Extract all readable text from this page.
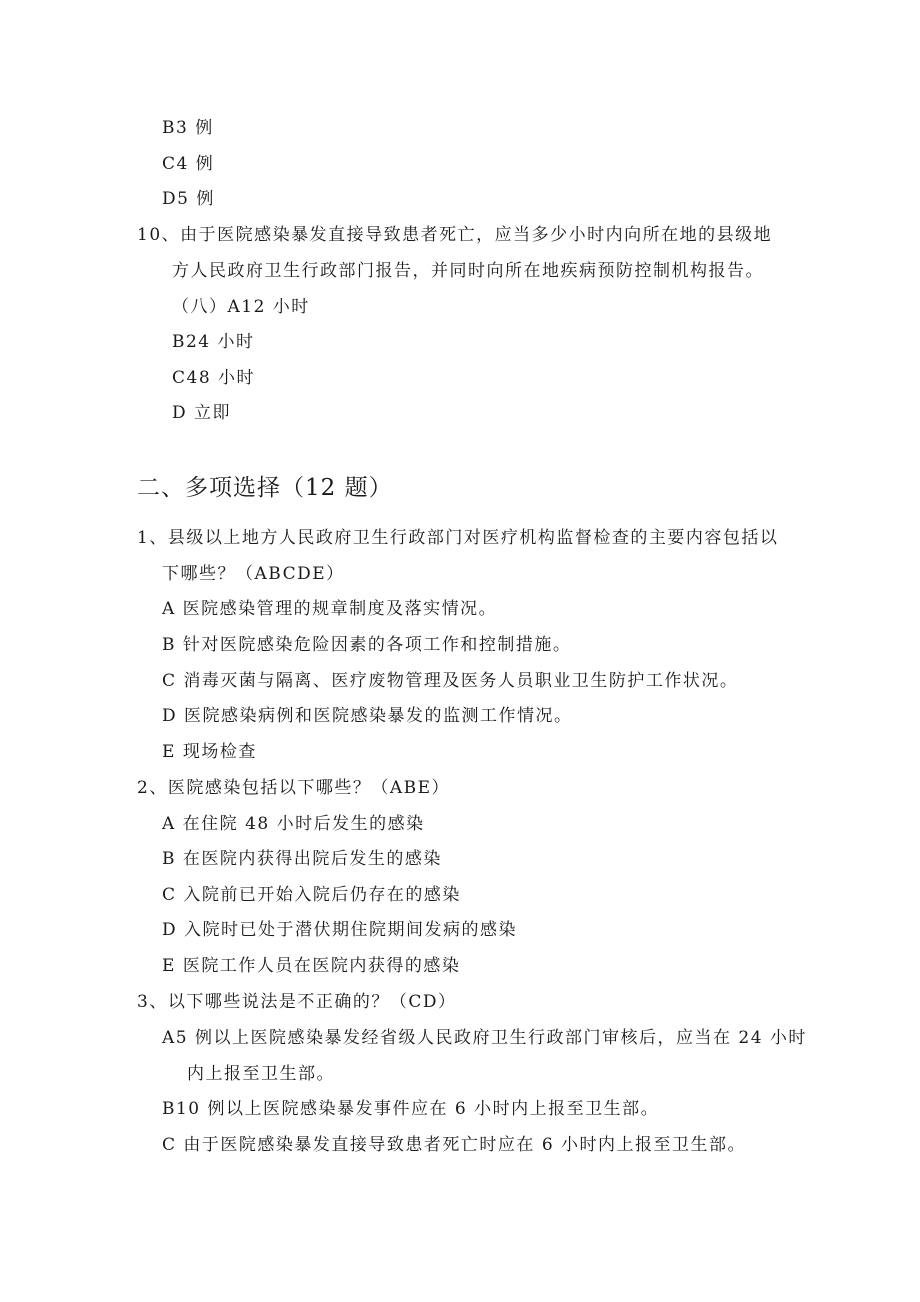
B3 例
C4 例
D5 例
10、由于医院感染暴发直接导致患者死亡，应当多少小时内向所在地的县级地
方人民政府卫生行政部门报告，并同时向所在地疾病预防控制机构报告。
（八）A12 小时
B24 小时
C48 小时
D 立即
二、多项选择（12 题）
1、县级以上地方人民政府卫生行政部门对医疗机构监督检查的主要内容包括以
下哪些？（ABCDE）
A 医院感染管理的规章制度及落实情况。
B 针对医院感染危险因素的各项工作和控制措施。
C 消毒灭菌与隔离、医疗废物管理及医务人员职业卫生防护工作状况。
D 医院感染病例和医院感染暴发的监测工作情况。
E 现场检查
2、医院感染包括以下哪些？（ABE）
A 在住院 48 小时后发生的感染
B 在医院内获得出院后发生的感染
C 入院前已开始入院后仍存在的感染
D 入院时已处于潜伏期住院期间发病的感染
E 医院工作人员在医院内获得的感染
3、以下哪些说法是不正确的？（CD）
A5 例以上医院感染暴发经省级人民政府卫生行政部门审核后，应当在 24 小时
内上报至卫生部。
B10 例以上医院感染暴发事件应在 6 小时内上报至卫生部。
C 由于医院感染暴发直接导致患者死亡时应在 6 小时内上报至卫生部。
